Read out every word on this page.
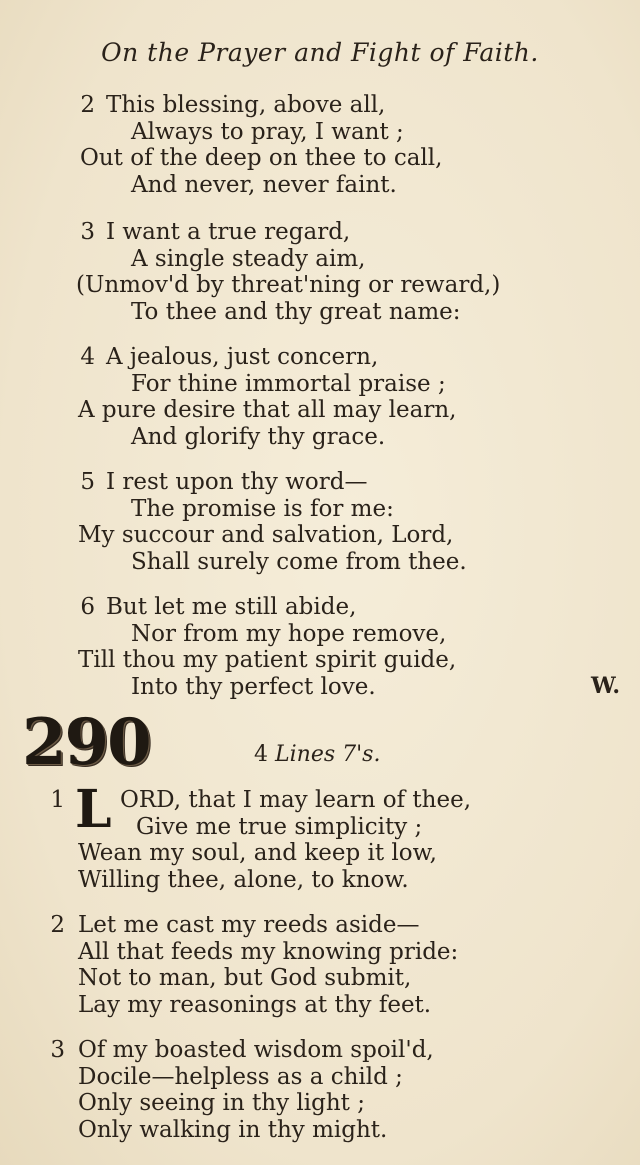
On the Prayer and Fight of Faith.
2 This blessing, above all,
Always to pray, I want ;
Out of the deep on thee to call,
And never, never faint.
3 I want a true regard,
A single steady aim,
(Unmov'd by threat'ning or reward,)
To thee and thy great name:
4 A jealous, just concern,
For thine immortal praise ;
A pure desire that all may learn,
And glorify thy grace.
5 I rest upon thy word—
The promise is for me:
My succour and salvation, Lord,
Shall surely come from thee.
6 But let me still abide,
Nor from my hope remove,
Till thou my patient spirit guide,
Into thy perfect love.	W.
290	4 Lines 7's.
L
1 ORD, that I may learn of thee,
Give me true simplicity ;
Wean my soul, and keep it low,
Willing thee, alone, to know.
2 Let me cast my reeds aside—
All that feeds my knowing pride:
Not to man, but God submit,
Lay my reasonings at thy feet.
3 Of my boasted wisdom spoil'd,
Docile—helpless as a child ;
Only seeing in thy light ;
Only walking in thy might.
